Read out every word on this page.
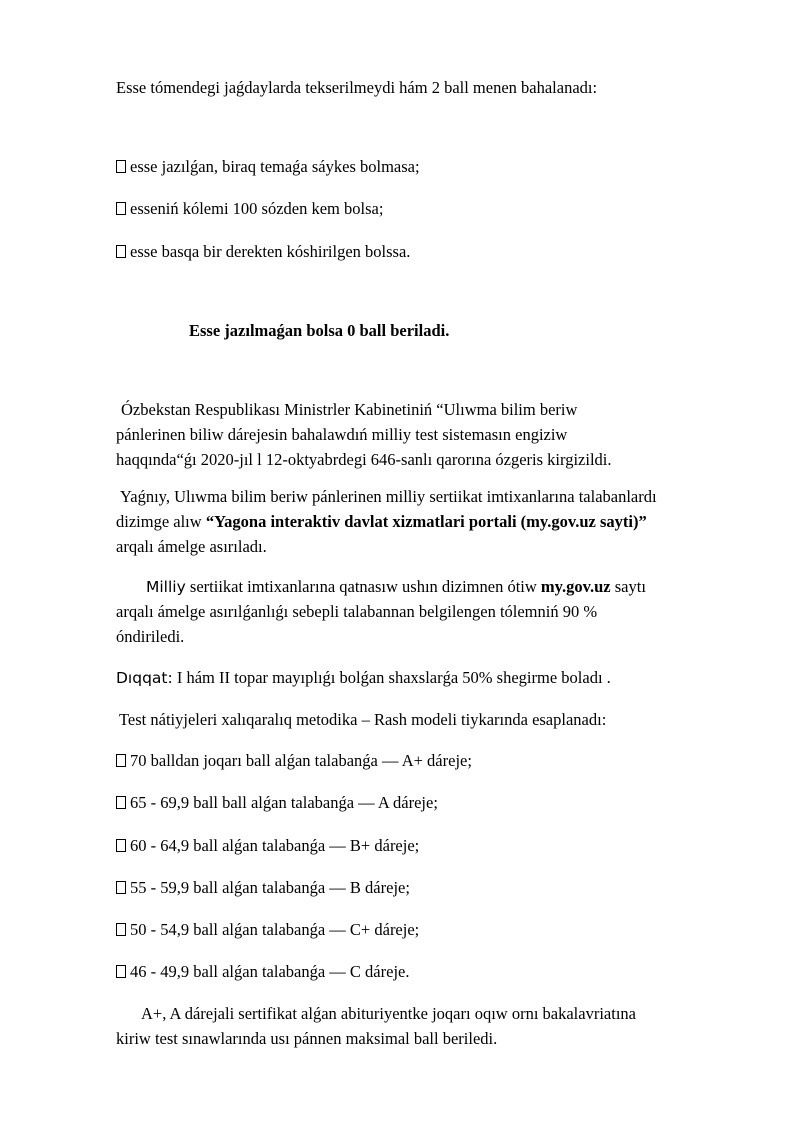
Esse tómendegi jaǵdaylarda tekserilmeydi hám 2 ball menen bahalanadı:
esse jazılǵan, biraq temaǵa sáykes bolmasa;
esseniń kólemi 100 sózden kem bolsa;
esse basqa bir derekten kóshirilgen bolssa.
Esse jazılmaǵan bolsa 0 ball beriladi.
Ózbekstan Respublikası Ministrler Kabinetiniń “Ulıwma bilim beriw
pánlerinen biliw dárejesin bahalawdıń milliy test sistemasın engiziw
haqqında“ǵı 2020-jıl l 12-oktyabrdegi 646-sanlı qarorına ózgeris kirgizildi.
Yaǵnıy, Ulıwma bilim beriw pánlerinen milliy sertiikat imtixanlarına talabanlardı
dizimge alıw “Yagona interaktiv davlat xizmatlari portali (my.gov.uz sayti)”
arqalı ámelge asırıladı.
Milliy sertiikat imtixanlarına qatnasıw ushın dizimnen ótiw my.gov.uz saytı
arqalı ámelge asırılǵanlıǵı sebepli talabannan belgilengen tólemniń 90 %
óndiriledi.
Dıqqat: I hám II topar mayıplıǵı bolǵan shaxslarǵa 50% shegirme boladı .
Test nátiyjeleri xalıqaralıq metodika – Rash modeli tiykarında esaplanadı:
70 balldan joqarı ball alǵan talabanǵa — A+ dáreje;
65 - 69,9 ball ball alǵan talabanǵa — A dáreje;
60 - 64,9 ball alǵan talabanǵa — B+ dáreje;
55 - 59,9 ball alǵan talabanǵa — B dáreje;
50 - 54,9 ball alǵan talabanǵa — C+ dáreje;
46 - 49,9 ball alǵan talabanǵa — C dáreje.
A+, A dárejali sertifikat alǵan abituriyentke joqarı oqıw ornı bakalavriatına
kiriw test sınawlarında usı pánnen maksimal ball beriledi.
